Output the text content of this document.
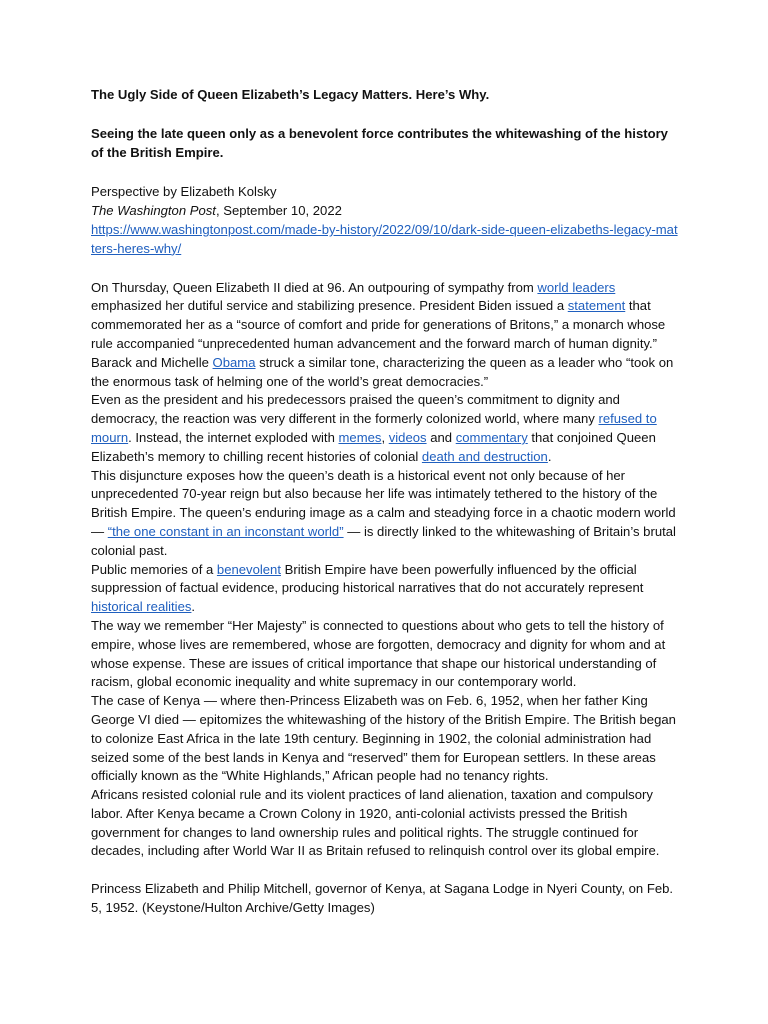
The Ugly Side of Queen Elizabeth’s Legacy Matters. Here’s Why.

Seeing the late queen only as a benevolent force contributes the whitewashing of the history of the British Empire.

Perspective by Elizabeth Kolsky
The Washington Post, September 10, 2022
https://www.washingtonpost.com/made-by-history/2022/09/10/dark-side-queen-elizabeths-legacy-matters-heres-why/

On Thursday, Queen Elizabeth II died at 96. An outpouring of sympathy from world leaders emphasized her dutiful service and stabilizing presence. President Biden issued a statement that commemorated her as a “source of comfort and pride for generations of Britons,” a monarch whose rule accompanied “unprecedented human advancement and the forward march of human dignity.” Barack and Michelle Obama struck a similar tone, characterizing the queen as a leader who “took on the enormous task of helming one of the world’s great democracies.”

Even as the president and his predecessors praised the queen’s commitment to dignity and democracy, the reaction was very different in the formerly colonized world, where many refused to mourn. Instead, the internet exploded with memes, videos and commentary that conjoined Queen Elizabeth’s memory to chilling recent histories of colonial death and destruction.

This disjuncture exposes how the queen’s death is a historical event not only because of her unprecedented 70-year reign but also because her life was intimately tethered to the history of the British Empire. The queen’s enduring image as a calm and steadying force in a chaotic modern world — “the one constant in an inconstant world” — is directly linked to the whitewashing of Britain’s brutal colonial past.

Public memories of a benevolent British Empire have been powerfully influenced by the official suppression of factual evidence, producing historical narratives that do not accurately represent historical realities.

The way we remember “Her Majesty” is connected to questions about who gets to tell the history of empire, whose lives are remembered, whose are forgotten, democracy and dignity for whom and at whose expense. These are issues of critical importance that shape our historical understanding of racism, global economic inequality and white supremacy in our contemporary world.

The case of Kenya — where then-Princess Elizabeth was on Feb. 6, 1952, when her father King George VI died — epitomizes the whitewashing of the history of the British Empire. The British began to colonize East Africa in the late 19th century. Beginning in 1902, the colonial administration had seized some of the best lands in Kenya and “reserved” them for European settlers. In these areas officially known as the “White Highlands,” African people had no tenancy rights.

Africans resisted colonial rule and its violent practices of land alienation, taxation and compulsory labor. After Kenya became a Crown Colony in 1920, anti-colonial activists pressed the British government for changes to land ownership rules and political rights. The struggle continued for decades, including after World War II as Britain refused to relinquish control over its global empire.

Princess Elizabeth and Philip Mitchell, governor of Kenya, at Sagana Lodge in Nyeri County, on Feb. 5, 1952. (Keystone/Hulton Archive/Getty Images)
